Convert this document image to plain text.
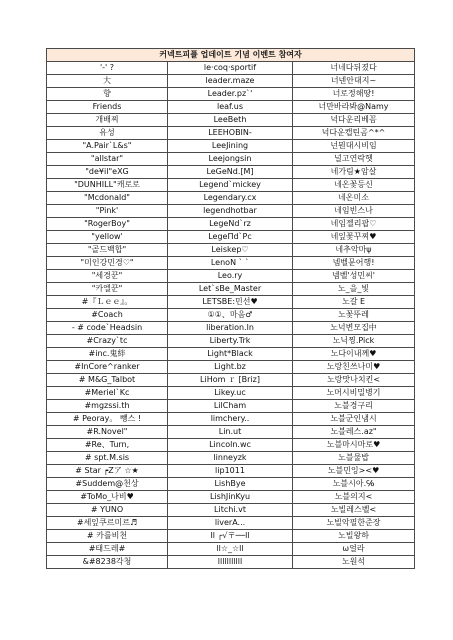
커넥트피플 업데이트 기념 이벤트 참여자		
'-' ?	le·coq·sportif	너네다뒤졌다
大	leader.maze	너넨안대지~
향	Leader.pz`'	너로정해땅!
Friends	leaf.us	너만바라봐@Namy
개배찌	LeeBeth	넉다운리베꼼
유성	LEEHOBIN-	넉다운캡틴곰^*^
"A.Pair`L&s"	LeeJining	넌뭔대시비임
"allstar"	Leejongsin	널고연락헷
"de¥il"eXG	LeGeNd.[M]	네가림★암살
"DUNHILL"캐로로	Legend`mickey	네온꽃등신
"Mcdonald"	Legendary.cx	네온미소
"Pink'	legendhotbar	네임빈스나
"RogerBoy"	LegeNd`rz	네임젤리팝♡
"yellow'	LegeΠd`Pc	네잎꽃꾸찌♥
"골드백합"	Leiskep♡	네추악마ψ
"미인강민경♡"	LenoN ` `	넴벨문어행!
"세경꾼"	Leo.ry	넴벨'성민씨'
"카엘꾼"	Let`sBe_Master	노_을_빛
#『Ｌｅｅ』。	LETSBE:민선♥	노갈 E
#Coach	①①、마음♂	노꽃뚜레
- # code`Headsin	liberation.ln	노넉변모집中
#Crazy`tc	Liberty.Trk	노닉찡.Pick
#inc.鬼絆	Light*Black	노다이내께♥
#InCore^ranker	Light.bz	노랑친쓰나미♥
# M&G_Talbot	LiHom ｒ [Briz]	노랑맛나치킨<
#Meriel`Kc	Likey.uc	노머시비밀병기
#mgzssi.th	LilCham	노블경구리
# Peoray。 뺑스 !	limchery..	노블군인냄시
#R.Novel"	Lin.ut	노블레스.az"
#Re、Turn,	Lincoln.wc	노블마시마로♥
# spt.M.sis	linneyzk	노블물밥
# Star ┍Zア ☆★	lip1011	노블민잉><♥
#Suddem@천상	LishBye	노블시아.℅
#ToMo_나비♥	LishJinKyu	노블의지<
# YUNO	Litchi.vt	노빌레스벨<
#세잎쿠르미르♬	liverA...	노빌악필한준장
# 카를비천	Il ┌√〒──ll	노빌왕하
#태드레#	ll☆_☆ll	ω얼라
&#8238각청	lllllllllll	노원석
